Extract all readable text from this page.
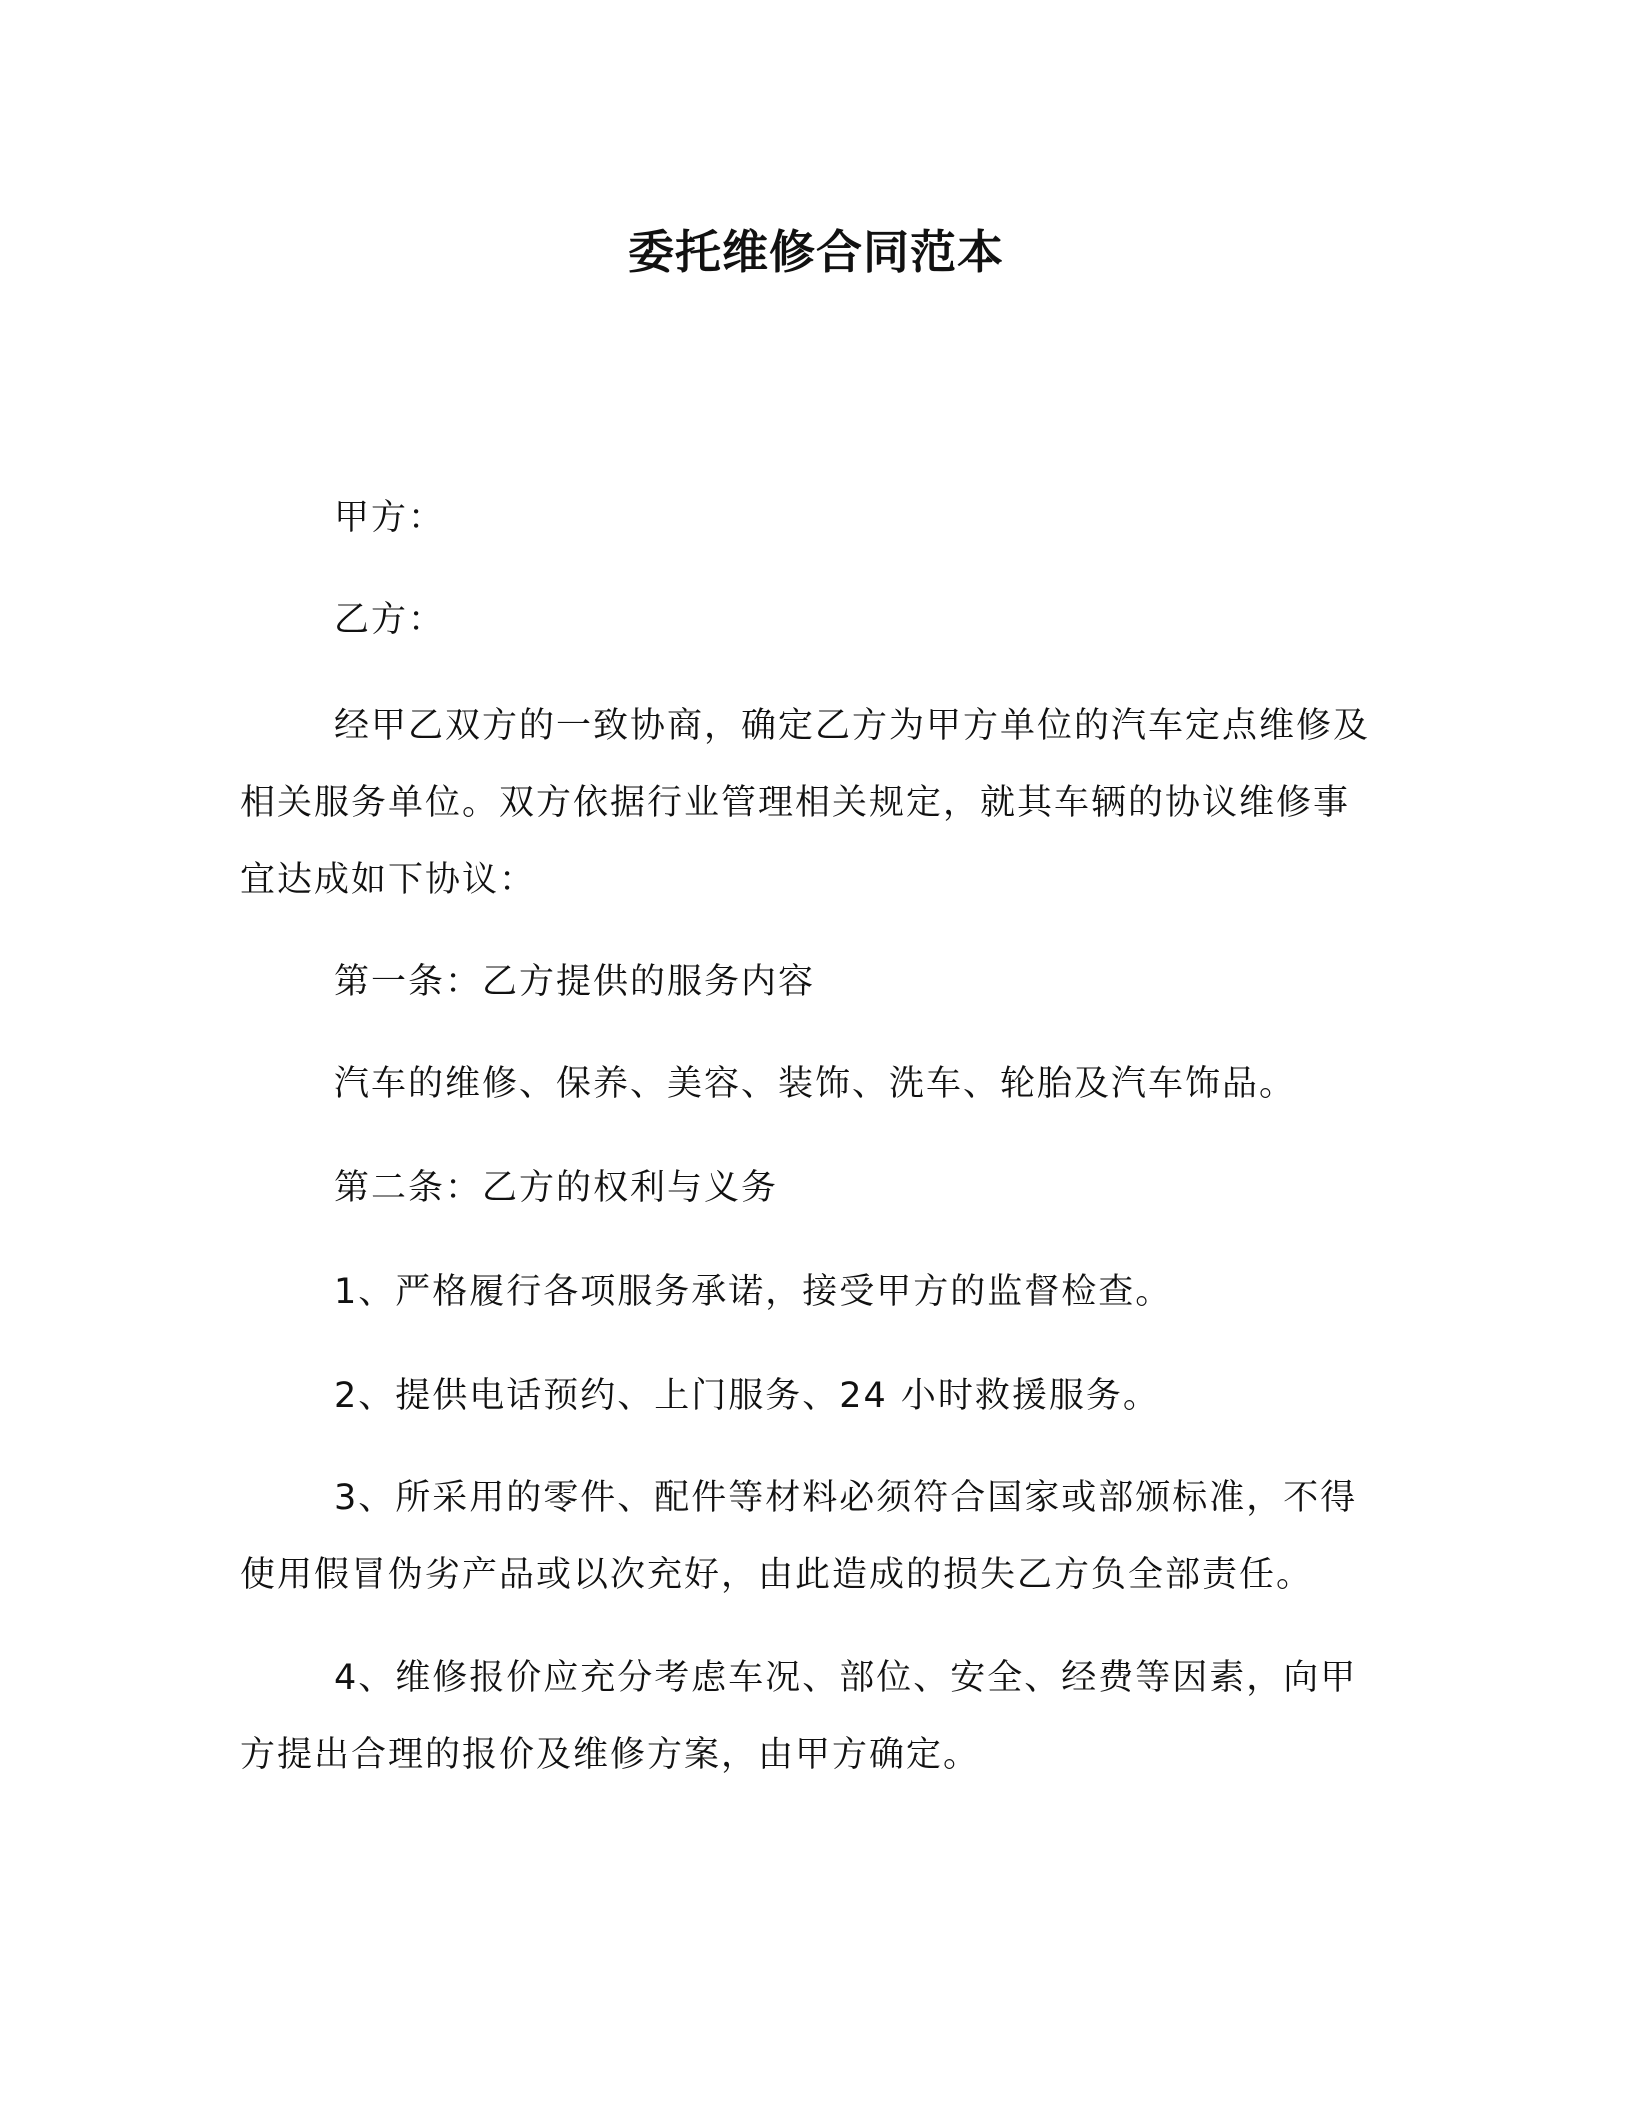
委托维修合同范本

甲方：

乙方：

经甲乙双方的一致协商，确定乙方为甲方单位的汽车定点维修及
相关服务单位。双方依据行业管理相关规定，就其车辆的协议维修事
宜达成如下协议：

第一条：乙方提供的服务内容

汽车的维修、保养、美容、装饰、洗车、轮胎及汽车饰品。

第二条：乙方的权利与义务

1、严格履行各项服务承诺，接受甲方的监督检查。

2、提供电话预约、上门服务、24 小时救援服务。

3、所采用的零件、配件等材料必须符合国家或部颁标准，不得
使用假冒伪劣产品或以次充好，由此造成的损失乙方负全部责任。
4、维修报价应充分考虑车况、部位、安全、经费等因素，向甲
方提出合理的报价及维修方案，由甲方确定。
